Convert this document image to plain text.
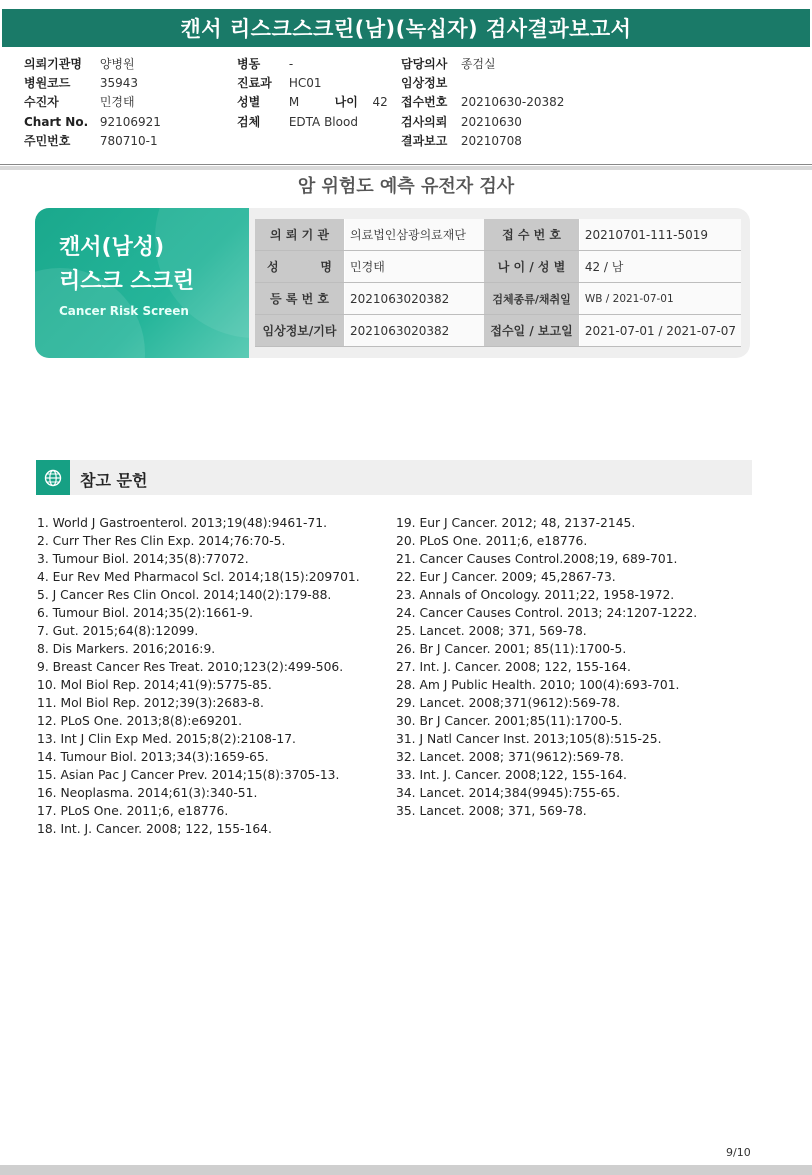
캔서 리스크스크린(남)(녹십자) 검사결과보고서
의뢰기관명 양병원
병원코드 35943
수진자	민경태
Chart No. 92106921
주민번호 780710-1
병동 -
진료과 HC01
성별 M	나이 42
검체 EDTA Blood
담당의사 종검실
임상정보
접수번호 20210630-20382
검사의뢰 20210630
결과보고 20210708
암 위험도 예측 유전자 검사
캔서(남성)
리스크 스크린
Cancer Risk Screen
의 뢰 기 관	의료법인삼광의료재단	접 수 번 호	20210701-111-5019
성          명	민경태	나 이 / 성 별	42 / 남
등 록 번 호	2021063020382	검체종류/채취일	WB / 2021-07-01
임상정보/기타	2021063020382	접수일 / 보고일	2021-07-01 / 2021-07-07
참고 문헌
1. World J Gastroenterol. 2013;19(48):9461-71.
2. Curr Ther Res Clin Exp. 2014;76:70-5.
3. Tumour Biol. 2014;35(8):77072.
4. Eur Rev Med Pharmacol Scl. 2014;18(15):209701.
5. J Cancer Res Clin Oncol. 2014;140(2):179-88.
6. Tumour Biol. 2014;35(2):1661-9.
7. Gut. 2015;64(8):12099.
8. Dis Markers. 2016;2016:9.
9. Breast Cancer Res Treat. 2010;123(2):499-506.
10. Mol Biol Rep. 2014;41(9):5775-85.
11. Mol Biol Rep. 2012;39(3):2683-8.
12. PLoS One. 2013;8(8):e69201.
13. Int J Clin Exp Med. 2015;8(2):2108-17.
14. Tumour Biol. 2013;34(3):1659-65.
15. Asian Pac J Cancer Prev. 2014;15(8):3705-13.
16. Neoplasma. 2014;61(3):340-51.
17. PLoS One. 2011;6, e18776.
18. Int. J. Cancer. 2008; 122, 155-164.
19. Eur J Cancer. 2012; 48, 2137-2145.
20. PLoS One. 2011;6, e18776.
21. Cancer Causes Control.2008;19, 689-701.
22. Eur J Cancer. 2009; 45,2867-73.
23. Annals of Oncology. 2011;22, 1958-1972.
24. Cancer Causes Control. 2013; 24:1207-1222.
25. Lancet. 2008; 371, 569-78.
26. Br J Cancer. 2001; 85(11):1700-5.
27. Int. J. Cancer. 2008; 122, 155-164.
28. Am J Public Health. 2010; 100(4):693-701.
29. Lancet. 2008;371(9612):569-78.
30. Br J Cancer. 2001;85(11):1700-5.
31. J Natl Cancer Inst. 2013;105(8):515-25.
32. Lancet. 2008; 371(9612):569-78.
33. Int. J. Cancer. 2008;122, 155-164.
34. Lancet. 2014;384(9945):755-65.
35. Lancet. 2008; 371, 569-78.
9/10
